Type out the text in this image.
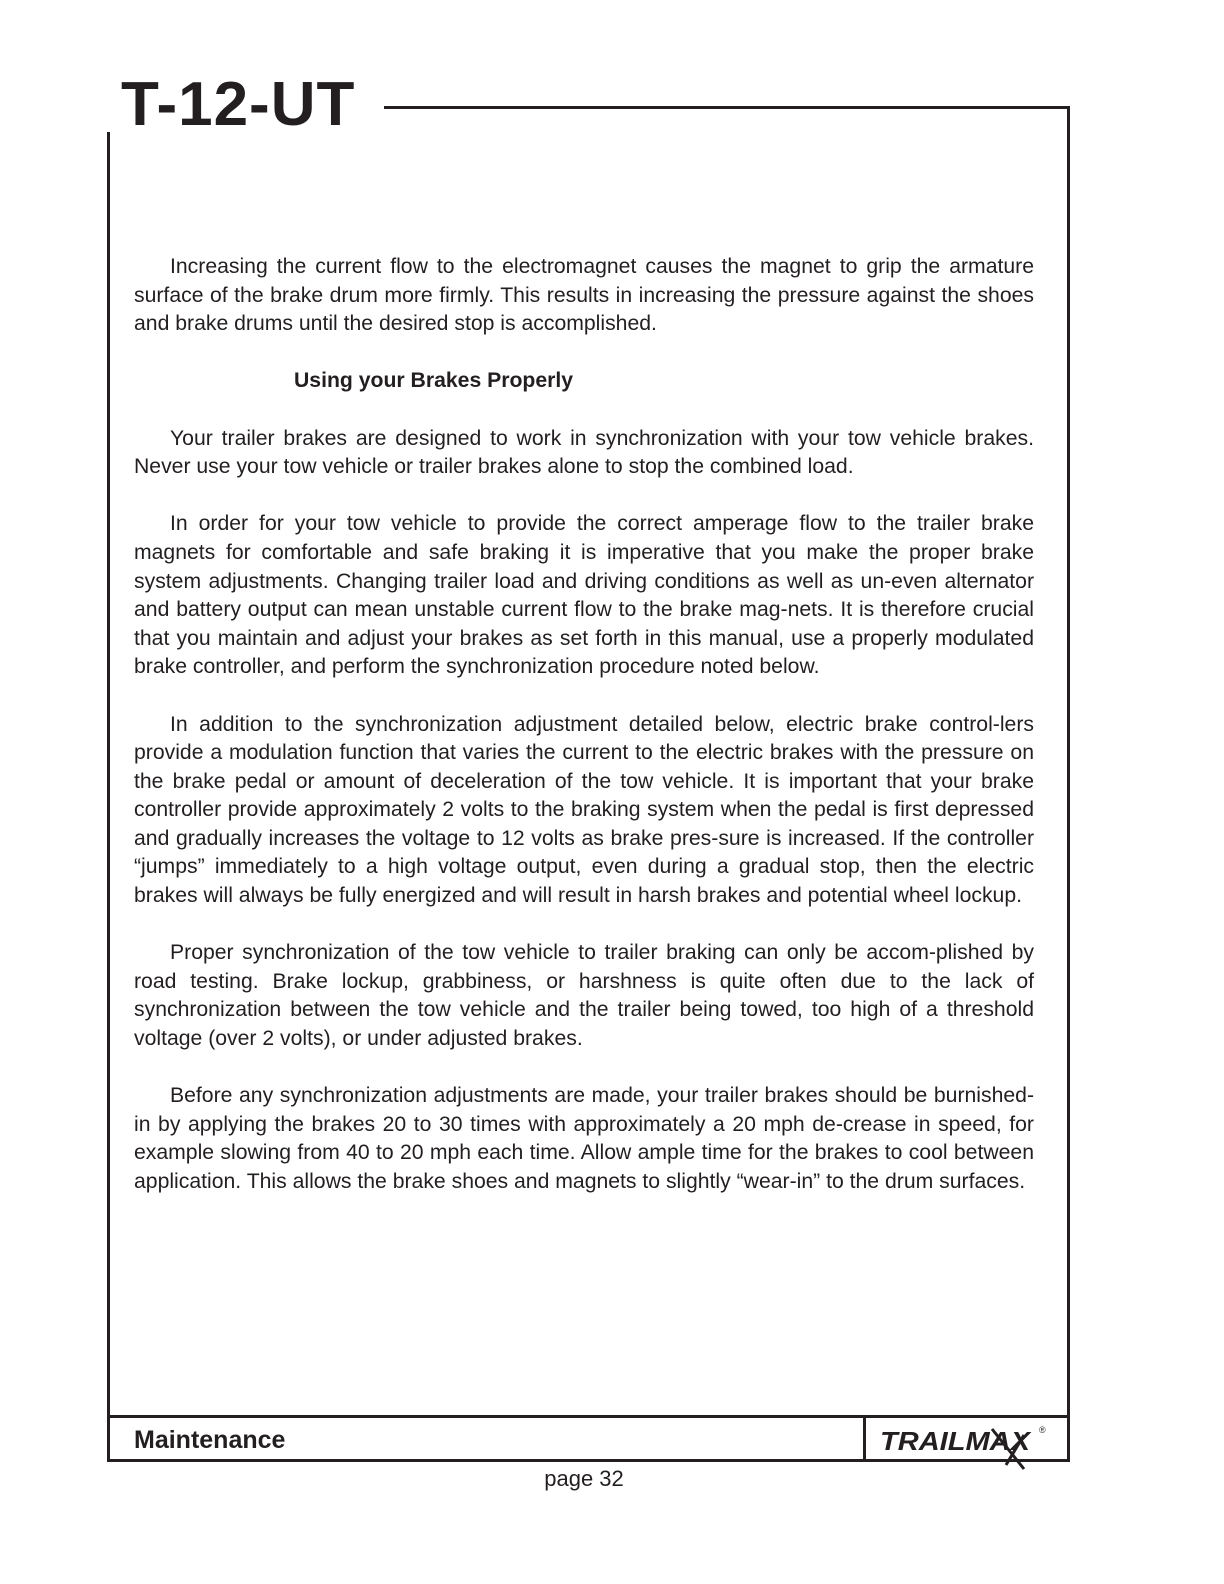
T-12-UT

Increasing the current flow to the electromagnet causes the magnet to grip the armature surface of the brake drum more firmly. This results in increasing the pressure against the shoes and brake drums until the desired stop is accomplished.

Using your Brakes Properly

Your trailer brakes are designed to work in synchronization with your tow vehicle brakes. Never use your tow vehicle or trailer brakes alone to stop the combined load.

In order for your tow vehicle to provide the correct amperage flow to the trailer brake magnets for comfortable and safe braking it is imperative that you make the proper brake system adjustments. Changing trailer load and driving conditions as well as un-even alternator and battery output can mean unstable current flow to the brake mag-nets. It is therefore crucial that you maintain and adjust your brakes as set forth in this manual, use a properly modulated brake controller, and perform the synchronization procedure noted below.

In addition to the synchronization adjustment detailed below, electric brake control-lers provide a modulation function that varies the current to the electric brakes with the pressure on the brake pedal or amount of deceleration of the tow vehicle. It is important that your brake controller provide approximately 2 volts to the braking system when the pedal is first depressed and gradually increases the voltage to 12 volts as brake pres-sure is increased. If the controller “jumps” immediately to a high voltage output, even during a gradual stop, then the electric brakes will always be fully energized and will result in harsh brakes and potential wheel lockup.

Proper synchronization of the tow vehicle to trailer braking can only be accom-plished by road testing. Brake lockup, grabbiness, or harshness is quite often due to the lack of synchronization between the tow vehicle and the trailer being towed, too high of a threshold voltage (over 2 volts), or under adjusted brakes.

Before any synchronization adjustments are made, your trailer brakes should be burnished-in by applying the brakes 20 to 30 times with approximately a 20 mph de-crease in speed, for example slowing from 40 to 20 mph each time. Allow ample time for the brakes to cool between application. This allows the brake shoes and magnets to slightly “wear-in” to the drum surfaces.

Maintenance	TRAILMAX ®
page 32
